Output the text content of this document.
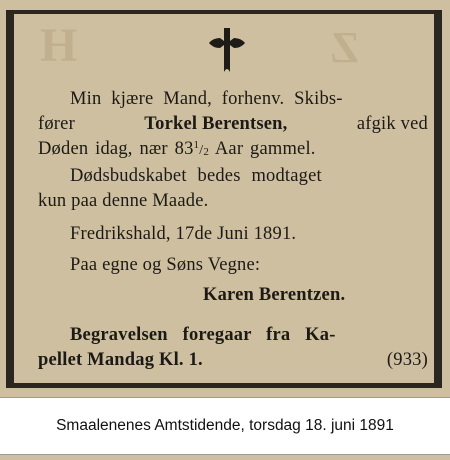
H	Z
Min kjære Mand, forhenv. Skibs-
fører	Torkel Berentsen,	afgik ved
Døden idag, nær $83^1/_2$ Aar gammel.
Dødsbudskabet bedes modtaget
kun paa denne Maade.
Fredrikshald, 17de Juni 1891.
Paa egne og Søns Vegne:
Karen Berentzen.
Begravelsen foregaar fra Ka-
pellet Mandag Kl. 1.	(933)
Smaalenenes Amtstidende, torsdag 18. juni 1891
